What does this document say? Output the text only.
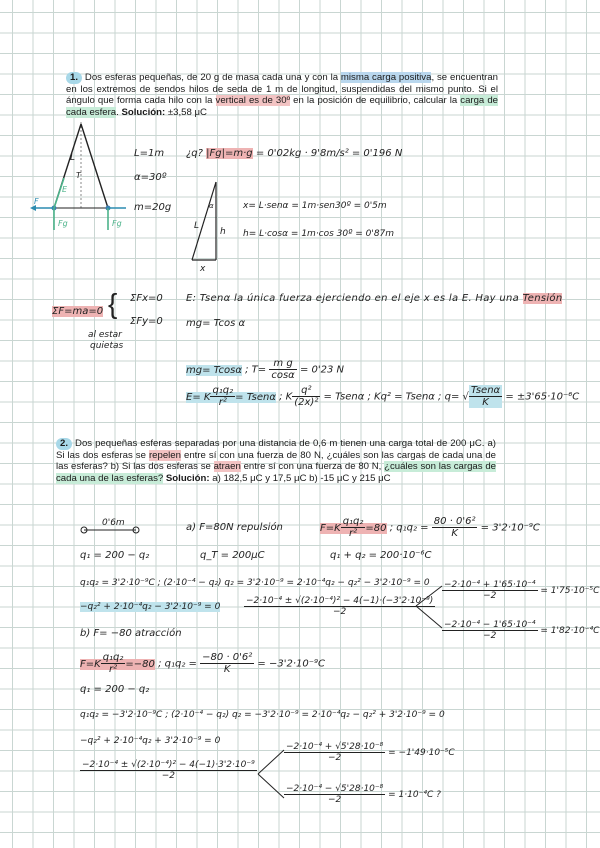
1. Dos esferas pequeñas, de 20 g de masa cada una y con la misma carga positiva, se encuentran en los extremos de sendos hilos de seda de 1 m de longitud, suspendidas del mismo punto. Si el ángulo que forma cada hilo con la vertical es de 30º en la posición de equilibrio, calcular la carga de cada esfera. Solución: ±3,58 μC
L
T
F
E
Fg	Fg
α
L
h
x
L=1m
α=30º
m=20g
¿q? |Fg|=m·g = 0'02kg · 9'8m/s² = 0'196 N
x= L·senα = 1m·sen30º = 0'5m
h= L·cosα = 1m·cos 30º = 0'87m
ΣF=ma=0 { ΣFx=0
ΣFy=0
al estar
quietas
E: Tsenα la única fuerza ejerciendo en el eje x es la E. Hay una Tensión
mg= Tcos α
mg= Tcosα ; $T= \frac{\text{m g}}{\cos\alpha} = 0'23$ N
E= K $\frac{\text{q₁q₂}}{\text{r²}}$ = Tsenα ; K $\frac{\text{q²}}{\text{(2x)²}}$ = Tsenα ; Kq² = Tsenα ; q= √ $\frac{\text{Tsenα}}{K} = \pm 3'65\cdot 10^{-6}C$
2. Dos pequeñas esferas separadas por una distancia de 0,6 m tienen una carga total de 200 μC. a) Si las dos esferas se repelen entre sí con una fuerza de 80 N, ¿cuáles son las cargas de cada una de las esferas? b) Si las dos esferas se atraen entre sí con una fuerza de 80 N, ¿cuáles son las cargas de cada una de las esferas? Solución: a) 182,5 μC y 17,5 μC b) -15 μC y 215 μC
0'6m	a) F=80N repulsión	$F=K \frac{\text{q₁q₂}}{\text{r²}} =80$ ; $q_1q_2 = \frac{\text{80 · 0'6²}}{K} = 3'2\cdot 10^{-9}C$
q₁ = 200 − q₂	q_T = 200μC	q₁ + q₂ = 200·10⁻⁶C
q₁q₂ = 3'2·10⁻⁹C ; (2·10⁻⁴ − q₂) q₂ = 3'2·10⁻⁹ = 2·10⁻⁴q₂ − q₂² − 3'2·10⁻⁹ = 0
−q₂² + 2·10⁻⁴q₂ − 3'2·10⁻⁹ = 0	$\frac{\text{−2·10⁻⁴ ± √(2·10⁻⁴)² − 4(−1)·(−3'2·10⁻⁹)}}{-2}$
$\frac{\text{−2·10⁻⁴ + 1'65·10⁻⁴}}{-2} = 1'75\cdot 10^{-5}C$
$\frac{\text{−2·10⁻⁴ − 1'65·10⁻⁴}}{-2} = 1'82\cdot 10^{-4}C$
b) F= −80 atracción
$F=K \frac{\text{q₁q₂}}{\text{r²}} =-80$ ; $q_1q_2 = \frac{\text{−80 · 0'6²}}{K} = -3'2\cdot 10^{-9}C$
q₁ = 200 − q₂
q₁q₂ = −3'2·10⁻⁹C ; (2·10⁻⁴ − q₂) q₂ = −3'2·10⁻⁹ = 2·10⁻⁴q₂ − q₂² + 3'2·10⁻⁹ = 0
−q₂² + 2·10⁻⁴q₂ + 3'2·10⁻⁹ = 0
$\frac{\text{−2·10⁻⁴ ± √(2·10⁻⁴)² − 4(−1)·3'2·10⁻⁹}}{-2}$
$\frac{\text{−2·10⁻⁴ + √5'28·10⁻⁸}}{-2} = -1'49\cdot 10^{-5}C$
$\frac{\text{−2·10⁻⁴ − √5'28·10⁻⁸}}{-2} = 1\cdot 10^{-4}C$ ?
